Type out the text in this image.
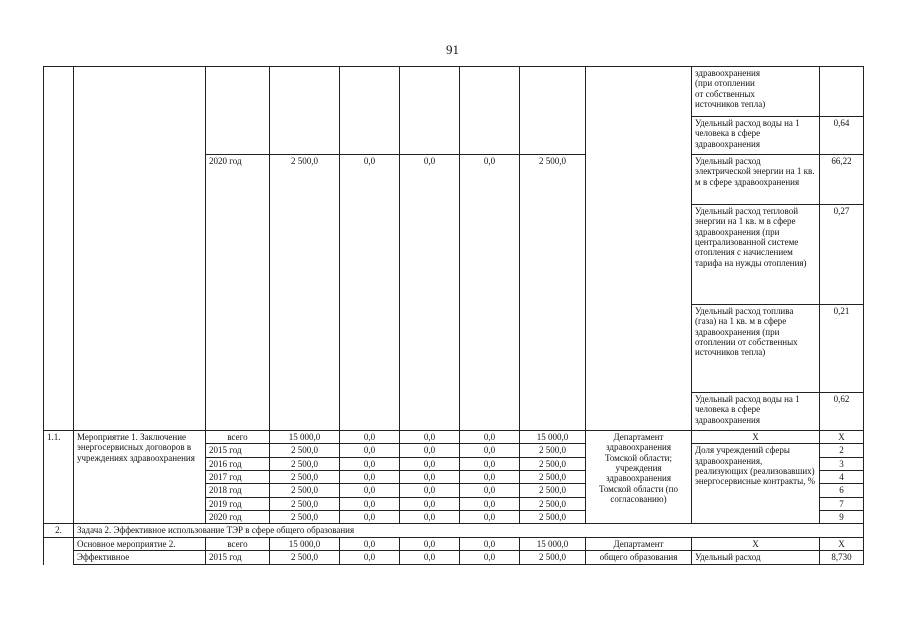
91
									здравоохранения
(при отоплении
от собственных
источников тепла)	
									Удельный расход воды на 1 человека в сфере здравоохранения	0,64
		2020 год	2 500,0	0,0	0,0	0,0	2 500,0		Удельный расход электрической энергии на 1 кв. м в сфере здравоохранения	66,22
									Удельный расход тепловой энергии на 1 кв. м в сфере здравоохранения (при централизованной системе отопления с начислением тарифа на нужды отопления)	0,27
									Удельный расход топлива (газа) на 1 кв. м в сфере здравоохранения (при отоплении от собственных источников тепла)	0,21
									Удельный расход воды на 1 человека в сфере здравоохранения	0,62
1.1.	Мероприятие 1. Заключение энергосервисных договоров в учреждениях здравоохранения	всего	15 000,0	0,0	0,0	0,0	15 000,0	Департамент здравоохранения Томской области; учреждения здравоохранения Томской области (по согласованию)	Х	Х
		2015 год	2 500,0	0,0	0,0	0,0	2 500,0		Доля учреждений сферы здравоохранения, реализующих (реализовавших) энергосервисные контракты, %	2
		2016 год	2 500,0	0,0	0,0	0,0	2 500,0			3
		2017 год	2 500,0	0,0	0,0	0,0	2 500,0			4
		2018 год	2 500,0	0,0	0,0	0,0	2 500,0			6
		2019 год	2 500,0	0,0	0,0	0,0	2 500,0			7
		2020 год	2 500,0	0,0	0,0	0,0	2 500,0			9
2.	Задача 2. Эффективное использование ТЭР в сфере общего образования									
	Основное мероприятие 2.	всего	15 000,0	0,0	0,0	0,0	15 000,0	Департамент	Х	Х
	Эффективное	2015 год	2 500,0	0,0	0,0	0,0	2 500,0	общего образования	Удельный расход	8,730
